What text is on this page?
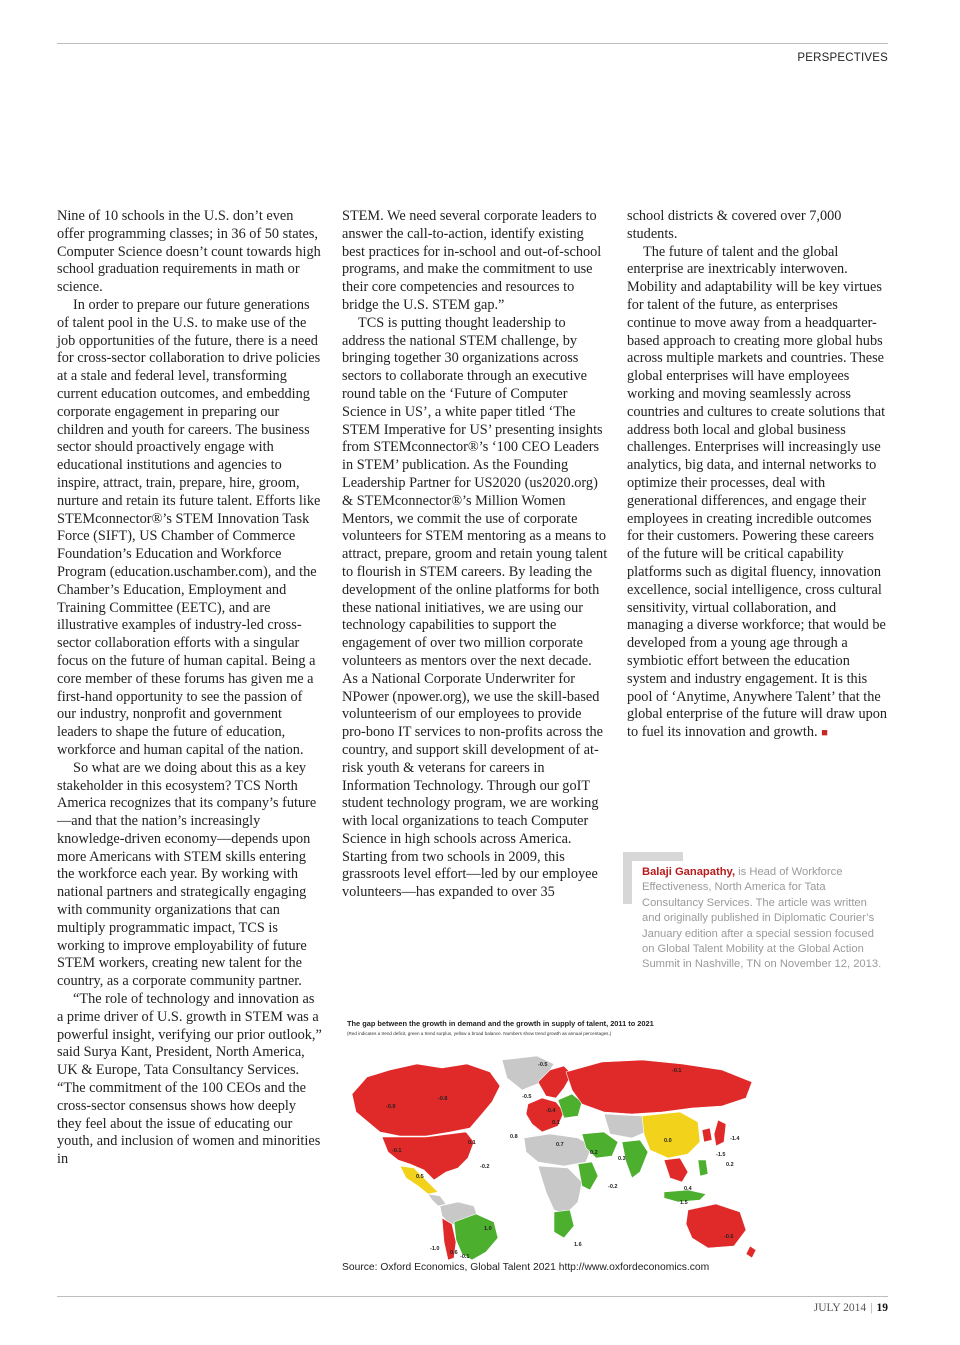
PERSPECTIVES

Nine of 10 schools in the U.S. don’t even offer programming classes; in 36 of 50 states, Computer Science doesn’t count towards high school graduation requirements in math or science.

In order to prepare our future generations of talent pool in the U.S. to make use of the job opportunities of the future, there is a need for cross-sector collaboration to drive policies at a stale and federal level, transforming current education outcomes, and embedding corporate engagement in preparing our children and youth for careers. The business sector should proactively engage with educational institutions and agencies to inspire, attract, train, prepare, hire, groom, nurture and retain its future talent. Efforts like STEMconnector®’s STEM Innovation Task Force (SIFT), US Chamber of Commerce Foundation’s Education and Workforce Program (education.uschamber.com), and the Chamber’s Education, Employment and Training Committee (EETC), and are illustrative examples of industry-led cross-sector collaboration efforts with a singular focus on the future of human capital. Being a core member of these forums has given me a first-hand opportunity to see the passion of our industry, nonprofit and government leaders to shape the future of education, workforce and human capital of the nation.

So what are we doing about this as a key stakeholder in this ecosystem? TCS North America recognizes that its company’s future—and that the nation’s increasingly knowledge-driven economy—depends upon more Americans with STEM skills entering the workforce each year. By working with national partners and strategically engaging with community organizations that can multiply programmatic impact, TCS is working to improve employability of future STEM workers, creating new talent for the country, as a corporate community partner.

“The role of technology and innovation as a prime driver of U.S. growth in STEM was a powerful insight, verifying our prior outlook,” said Surya Kant, President, North America, UK & Europe, Tata Consultancy Services. “The commitment of the 100 CEOs and the cross-sector consensus shows how deeply they feel about the issue of educating our youth, and inclusion of women and minorities in

STEM. We need several corporate leaders to answer the call-to-action, identify existing best practices for in-school and out-of-school programs, and make the commitment to use their core competencies and resources to bridge the U.S. STEM gap.”

TCS is putting thought leadership to address the national STEM challenge, by bringing together 30 organizations across sectors to collaborate through an executive round table on the ‘Future of Computer Science in US’, a white paper titled ‘The STEM Imperative for US’ presenting insights from STEMconnector®’s ‘100 CEO Leaders in STEM’ publication. As the Founding Leadership Partner for US2020 (us2020.org) & STEMconnector®’s Million Women Mentors, we commit the use of corporate volunteers for STEM mentoring as a means to attract, prepare, groom and retain young talent to flourish in STEM careers. By leading the development of the online platforms for both these national initiatives, we are using our technology capabilities to support the engagement of over two million corporate volunteers as mentors over the next decade. As a National Corporate Underwriter for NPower (npower.org), we use the skill-based volunteerism of our employees to provide pro-bono IT services to non-profits across the country, and support skill development of at-risk youth & veterans for careers in Information Technology. Through our goIT student technology program, we are working with local organizations to teach Computer Science in high schools across America. Starting from two schools in 2009, this grassroots level effort—led by our employee volunteers—has expanded to over 35

school districts & covered over 7,000 students.

The future of talent and the global enterprise are inextricably interwoven. Mobility and adaptability will be key virtues for talent of the future, as enterprises continue to move away from a headquarter-based approach to creating more global hubs across multiple markets and countries. These global enterprises will have employees working and moving seamlessly across countries and cultures to create solutions that address both local and global business challenges. Enterprises will increasingly use analytics, big data, and internal networks to optimize their processes, deal with generational differences, and engage their employees in creating incredible outcomes for their customers. Powering these careers of the future will be critical capability platforms such as digital fluency, innovation excellence, social intelligence, cross cultural sensitivity, virtual collaboration, and managing a diverse workforce; that would be developed from a young age through a symbiotic effort between the education system and industry engagement. It is this pool of ‘Anytime, Anywhere Talent’ that the global enterprise of the future will draw upon to fuel its innovation and growth. ■

Balaji Ganapathy, is Head of Workforce Effectiveness, North America for Tata Consultancy Services. The article was written and originally published in Diplomatic Courier’s January edition after a special session focused on Global Talent Mobility at the Global Action Summit in Nashville, TN on November 12, 2013.
The gap between the growth in demand and the growth in supply of talent, 2011 to 2021
(Red indicates a trend deficit, green a trend surplus, yellow a broad balance. Numbers show trend growth as annual percentages.)
-0.5
-0.1
-0.9
-0.8
0.1
-0.1
-0.2
0.5
1.0
0.6
-1.0
-0.1
0.8
0.7
0.2
-0.5
0.1
0.0	-1.4
-1.5
0.2
0.4
1.5
-0.6
1.6
-0.4
0.3
-0.2
Source: Oxford Economics, Global Talent 2021 http://www.oxfordeconomics.com
JULY 2014 | 19
